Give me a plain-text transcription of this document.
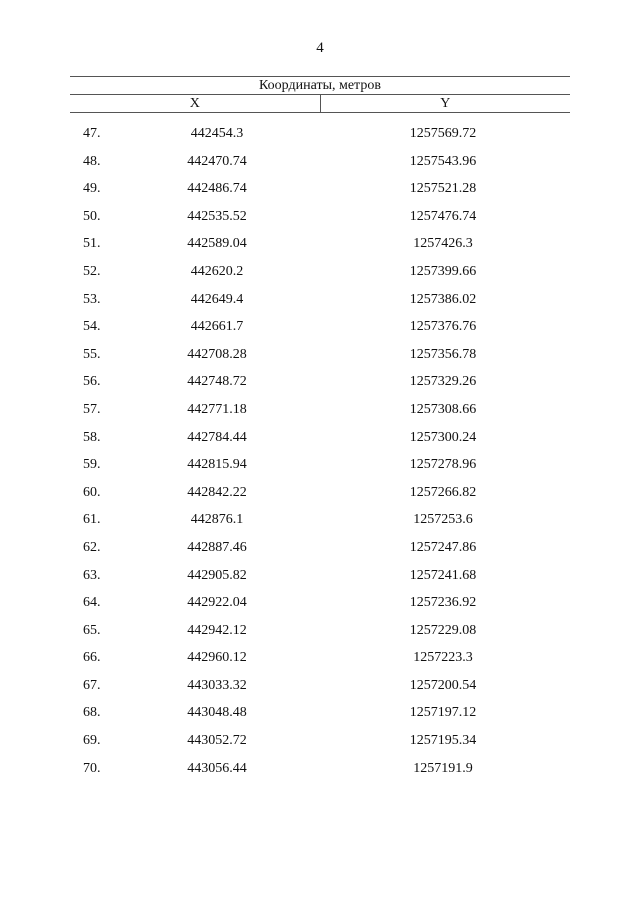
4
Координаты, метров
X	Y
47.	442454.3	1257569.72
48.	442470.74	1257543.96
49.	442486.74	1257521.28
50.	442535.52	1257476.74
51.	442589.04	1257426.3
52.	442620.2	1257399.66
53.	442649.4	1257386.02
54.	442661.7	1257376.76
55.	442708.28	1257356.78
56.	442748.72	1257329.26
57.	442771.18	1257308.66
58.	442784.44	1257300.24
59.	442815.94	1257278.96
60.	442842.22	1257266.82
61.	442876.1	1257253.6
62.	442887.46	1257247.86
63.	442905.82	1257241.68
64.	442922.04	1257236.92
65.	442942.12	1257229.08
66.	442960.12	1257223.3
67.	443033.32	1257200.54
68.	443048.48	1257197.12
69.	443052.72	1257195.34
70.	443056.44	1257191.9
